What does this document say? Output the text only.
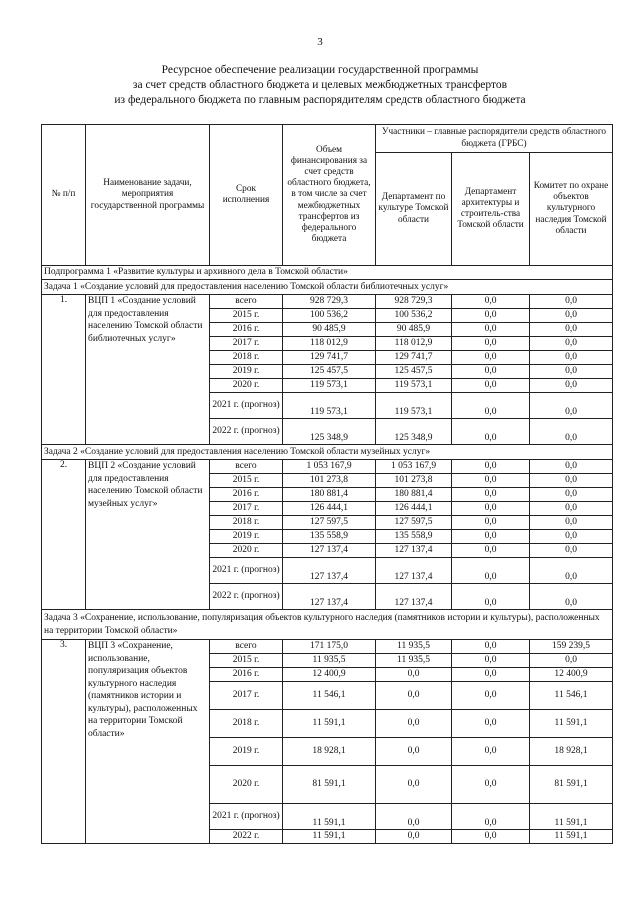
3
Ресурсное обеспечение реализации государственной программы
за счет средств областного бюджета и целевых межбюджетных трансфертов
из федерального бюджета по главным распорядителям средств областного бюджета
№ п/п	Наименование задачи, мероприятия государственной программы	Срок исполнения	Объем финансирования за счет средств областного бюджета, в том числе за счет межбюджетных трансфертов из федерального бюджета	Участники – главные распорядители средств областного бюджета (ГРБС)		
				Департамент по культуре Томской области	Департамент архитектуры и строитель-ства Томской области	Комитет по охране объектов культурного наследия Томской области
Подпрограмма 1 «Развитие культуры и архивного дела в Томской области»						
Задача 1 «Создание условий для предоставления населению Томской области библиотечных услуг»						
1.	ВЦП 1 «Создание условий для предоставления населению Томской области библиотечных услуг»	всего	928 729,3	928 729,3	0,0	0,0
		2015 г.	100 536,2	100 536,2	0,0	0,0
		2016 г.	90 485,9	90 485,9	0,0	0,0
		2017 г.	118 012,9	118 012,9	0,0	0,0
		2018 г.	129 741,7	129 741,7	0,0	0,0
		2019 г.	125 457,5	125 457,5	0,0	0,0
		2020 г.	119 573,1	119 573,1	0,0	0,0
		2021 г. (прогноз)	119 573,1	119 573,1	0,0	0,0
		2022 г. (прогноз)	125 348,9	125 348,9	0,0	0,0
Задача 2 «Создание условий для предоставления населению Томской области музейных услуг»						
2.	ВЦП 2 «Создание условий для предоставления населению Томской области музейных услуг»	всего	1 053 167,9	1 053 167,9	0,0	0,0
		2015 г.	101 273,8	101 273,8	0,0	0,0
		2016 г.	180 881,4	180 881,4	0,0	0,0
		2017 г.	126 444,1	126 444,1	0,0	0,0
		2018 г.	127 597,5	127 597,5	0,0	0,0
		2019 г.	135 558,9	135 558,9	0,0	0,0
		2020 г.	127 137,4	127 137,4	0,0	0,0
		2021 г. (прогноз)	127 137,4	127 137,4	0,0	0,0
		2022 г. (прогноз)	127 137,4	127 137,4	0,0	0,0
Задача 3 «Сохранение, использование, популяризация объектов культурного наследия (памятников истории и культуры), расположенных на территории Томской области»						
3.	ВЦП 3 «Сохранение, использование, популяризация объектов культурного наследия (памятников истории и культуры), расположенных на территории Томской области»	всего	171 175,0	11 935,5	0,0	159 239,5
		2015 г.	11 935,5	11 935,5	0,0	0,0
		2016 г.	12 400,9	0,0	0,0	12 400,9
		2017 г.	11 546,1	0,0	0,0	11 546,1
		2018 г.	11 591,1	0,0	0,0	11 591,1
		2019 г.	18 928,1	0,0	0,0	18 928,1
		2020 г.	81 591,1	0,0	0,0	81 591,1
		2021 г. (прогноз)	11 591,1	0,0	0,0	11 591,1
		2022 г.	11 591,1	0,0	0,0	11 591,1
